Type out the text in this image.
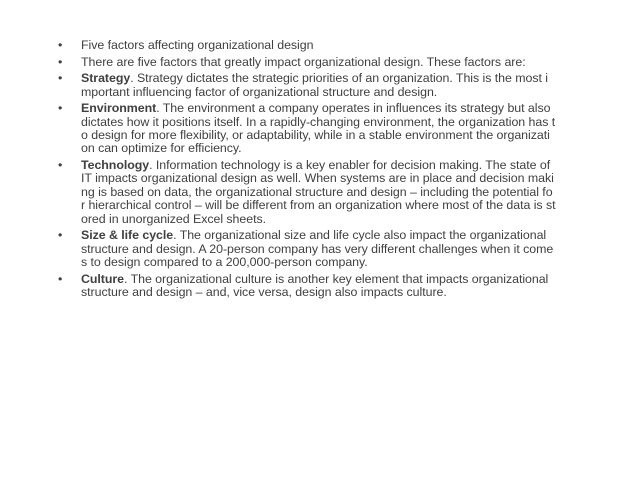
• Five factors affecting organizational design
• There are five factors that greatly impact organizational design. These factors are:
• Strategy. Strategy dictates the strategic priorities of an organization. This is the most i
mportant influencing factor of organizational structure and design.
• Environment. The environment a company operates in influences its strategy but also
dictates how it positions itself. In a rapidly-changing environment, the organization has t
o design for more flexibility, or adaptability, while in a stable environment the organizati
on can optimize for efficiency.
• Technology. Information technology is a key enabler for decision making. The state of
IT impacts organizational design as well. When systems are in place and decision maki
ng is based on data, the organizational structure and design – including the potential fo
r hierarchical control – will be different from an organization where most of the data is st
ored in unorganized Excel sheets.
• Size & life cycle. The organizational size and life cycle also impact the organizational
structure and design. A 20-person company has very different challenges when it come
s to design compared to a 200,000-person company.
• Culture. The organizational culture is another key element that impacts organizational
structure and design – and, vice versa, design also impacts culture.
